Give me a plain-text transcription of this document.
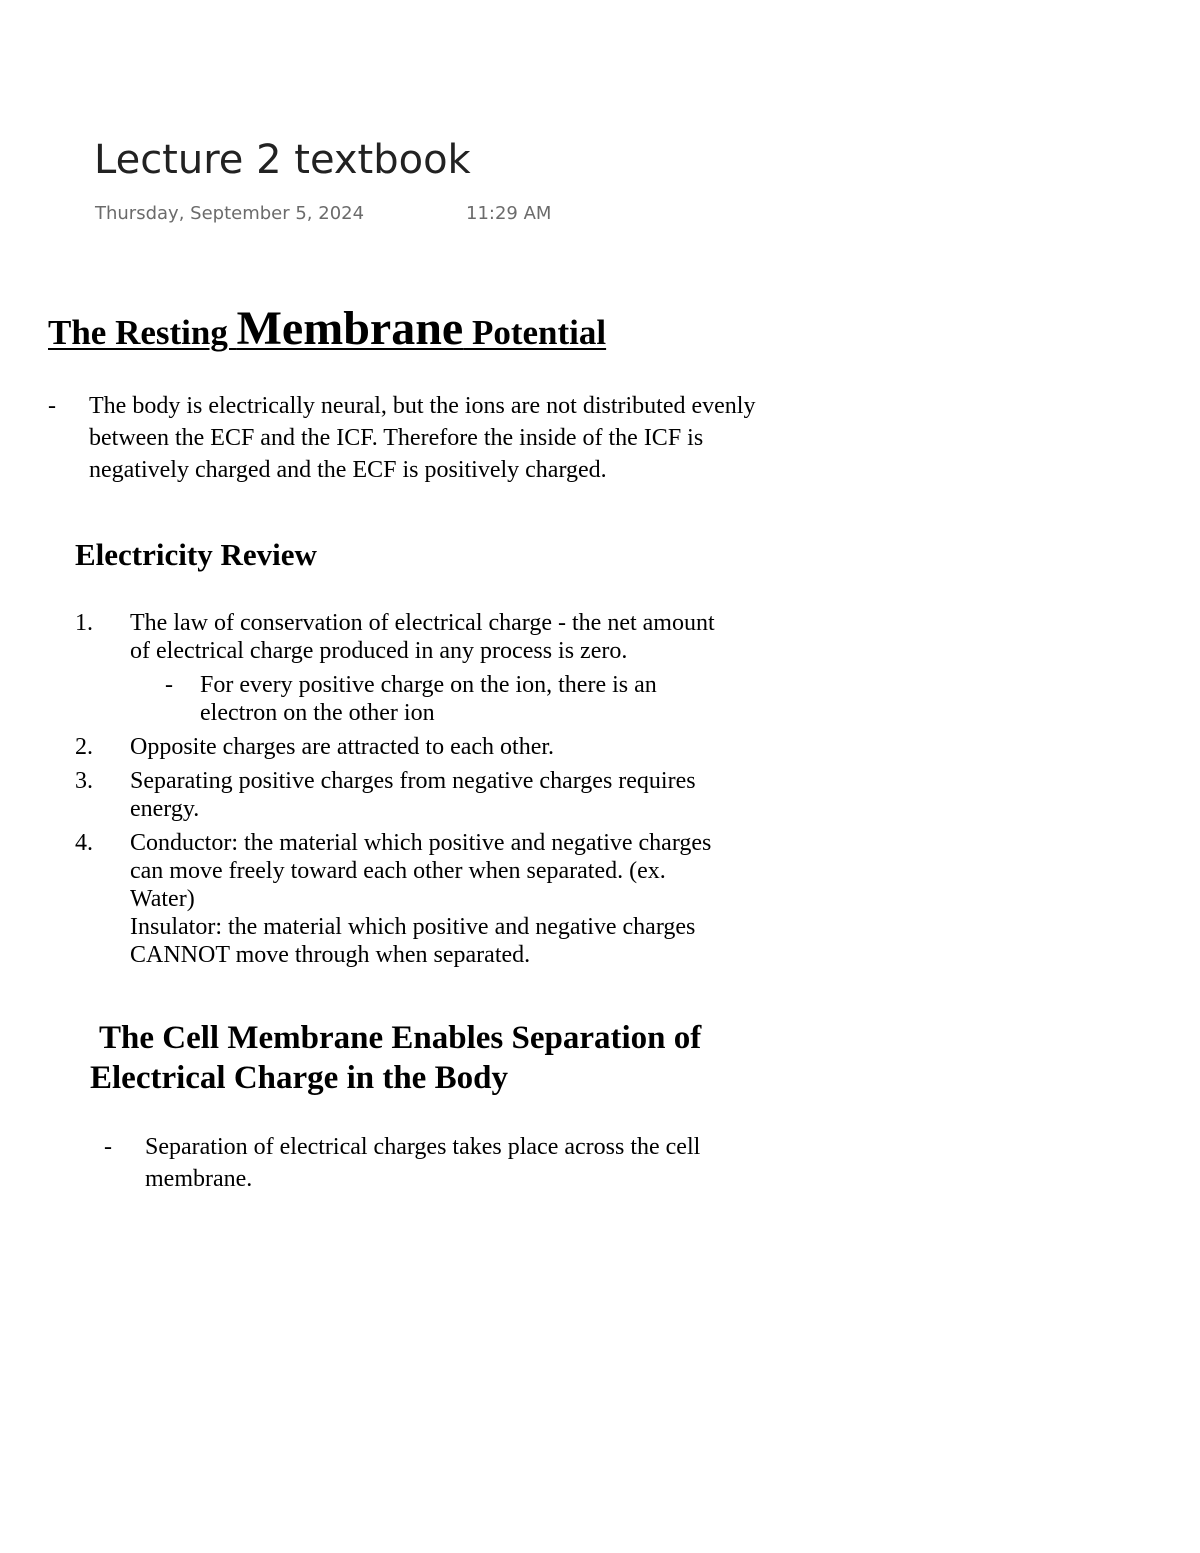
Lecture 2 textbook
Thursday, September 5, 2024	11:29 AM
The Resting Membrane Potential
-	The body is electrically neural, but the ions are not distributed evenly
between the ECF and the ICF. Therefore the inside of the ICF is
negatively charged and the ECF is positively charged.
Electricity Review
1.	The law of conservation of electrical charge - the net amount
of electrical charge produced in any process is zero.
-	For every positive charge on the ion, there is an
electron on the other ion
2.	Opposite charges are attracted to each other.
3.	Separating positive charges from negative charges requires
energy.
4.	Conductor: the material which positive and negative charges
can move freely toward each other when separated. (ex.
Water)
Insulator: the material which positive and negative charges
CANNOT move through when separated.
The Cell Membrane Enables Separation of
Electrical Charge in the Body
-	Separation of electrical charges takes place across the cell
membrane.
